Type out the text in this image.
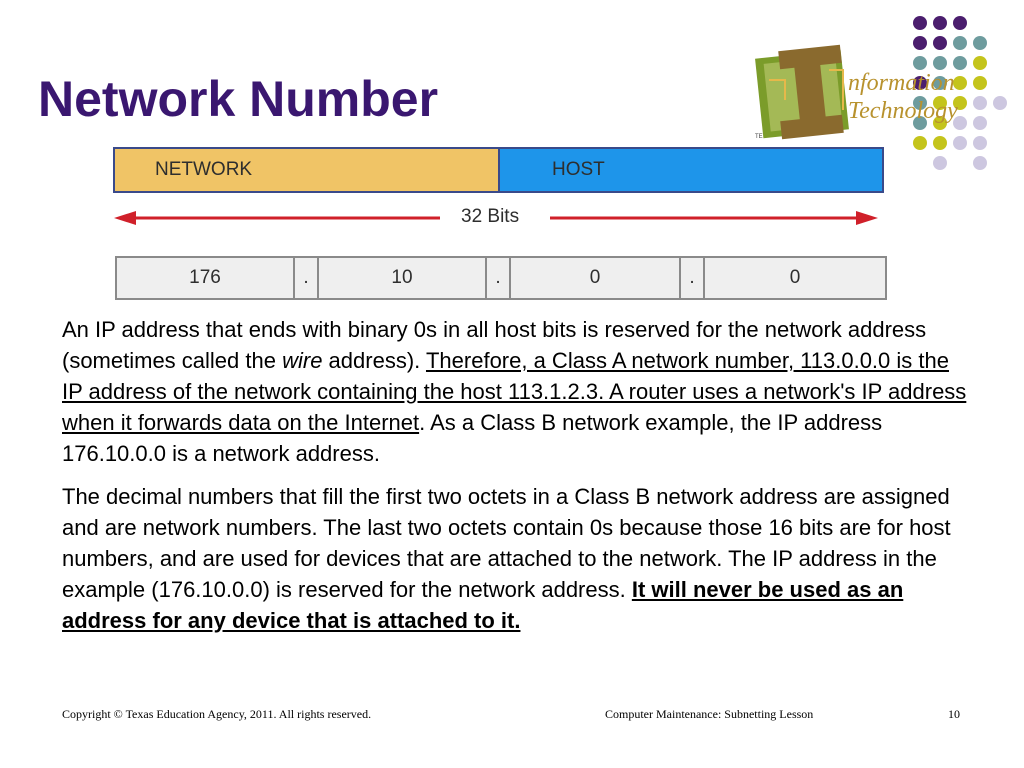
Network Number	nformation
Technology
TE
NETWORK	HOST
32 Bits
176	.	10	.	0	.	0
An IP address that ends with binary 0s in all host bits is reserved for the network address (sometimes called the wire address). Therefore, a Class A network number, 113.0.0.0 is the IP address of the network containing the host 113.1.2.3. A router uses a network's IP address when it forwards data on the Internet. As a Class B network example, the IP address 176.10.0.0 is a network address.
The decimal numbers that fill the first two octets in a Class B network address are assigned and are network numbers. The last two octets contain 0s because those 16 bits are for host numbers, and are used for devices that are attached to the network. The IP address in the example (176.10.0.0) is reserved for the network address. It will never be used as an address for any device that is attached to it.
Copyright © Texas Education Agency, 2011. All rights reserved.	Computer Maintenance: Subnetting Lesson	10
